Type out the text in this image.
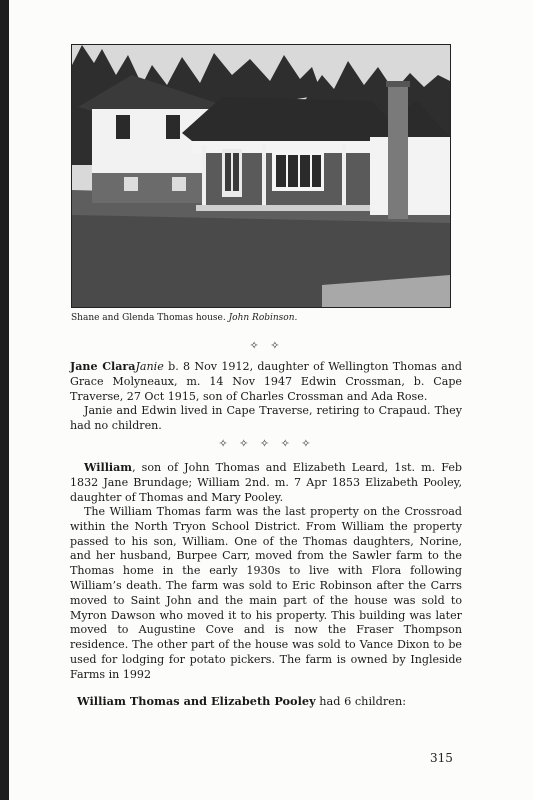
Shane and Glenda Thomas house. John Robinson.
✧ ✧

Jane ClaraJanie b. 8 Nov 1912, daughter of Wellington Thomas and Grace Molyneaux, m. 14 Nov 1947 Edwin Crossman, b. Cape Traverse, 27 Oct 1915, son of Charles Crossman and Ada Rose.

Janie and Edwin lived in Cape Traverse, retiring to Crapaud. They had no children.

✧ ✧ ✧ ✧ ✧

William, son of John Thomas and Elizabeth Leard, 1st. m. Feb 1832 Jane Brundage; William 2nd. m. 7 Apr 1853 Elizabeth Pooley, daughter of Thomas and Mary Pooley.

The William Thomas farm was the last property on the Crossroad within the North Tryon School District. From William the property passed to his son, William. One of the Thomas daughters, Norine, and her husband, Burpee Carr, moved from the Sawler farm to the Thomas home in the early 1930s to live with Flora following William’s death. The farm was sold to Eric Robinson after the Carrs moved to Saint John and the main part of the house was sold to Myron Dawson who moved it to his property. This building was later moved to Augustine Cove and is now the Fraser Thompson residence. The other part of the house was sold to Vance Dixon to be used for lodging for potato pickers. The farm is owned by Ingleside Farms in 1992

William Thomas and Elizabeth Pooley had 6 children:

315
